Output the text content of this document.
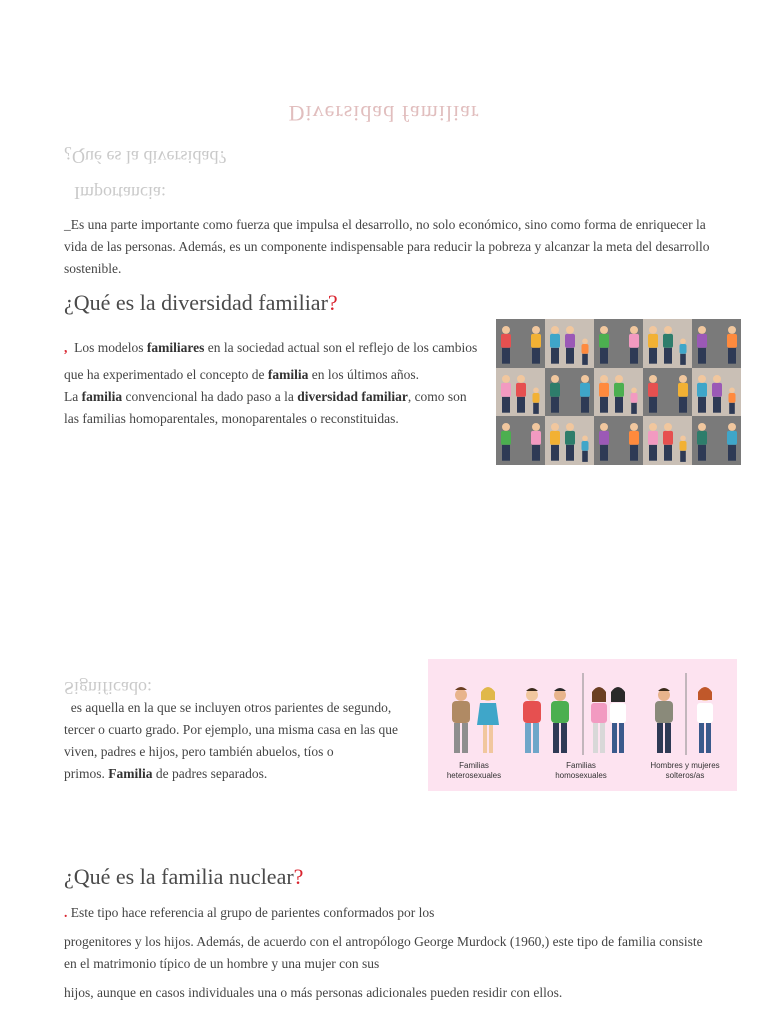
Diversidad familiar
¿Qué es la diversidad?
Importancia:
_Es una parte importante como fuerza que impulsa el desarrollo, no solo económico, sino como forma de enriquecer la vida de las personas. Además, es un componente indispensable para reducir la pobreza y alcanzar la meta del desarrollo sostenible.
¿Qué es la diversidad familiar?
, Los modelos familiares en la sociedad actual son el reflejo de los cambios
que ha experimentado el concepto de familia en los últimos años.
La familia convencional ha dado paso a la diversidad familiar, como son
las familias homoparentales, monoparentales o reconstituidas.
Significado:
es aquella en la que se incluyen otros parientes de segundo,
tercer o cuarto grado. Por ejemplo, una misma casa en las que
viven, padres e hijos, pero también abuelos, tíos o
primos. Familia de padres separados.
Familias
heterosexuales
Familias
homosexuales
Hombres y mujeres
solteros/as
¿Qué es la familia nuclear?
. Este tipo hace referencia al grupo de parientes conformados por los
progenitores y los hijos. Además, de acuerdo con el antropólogo George Murdock (1960,) este tipo de familia consiste
en el matrimonio típico de un hombre y una mujer con sus
hijos, aunque en casos individuales una o más personas adicionales pueden residir con ellos.
